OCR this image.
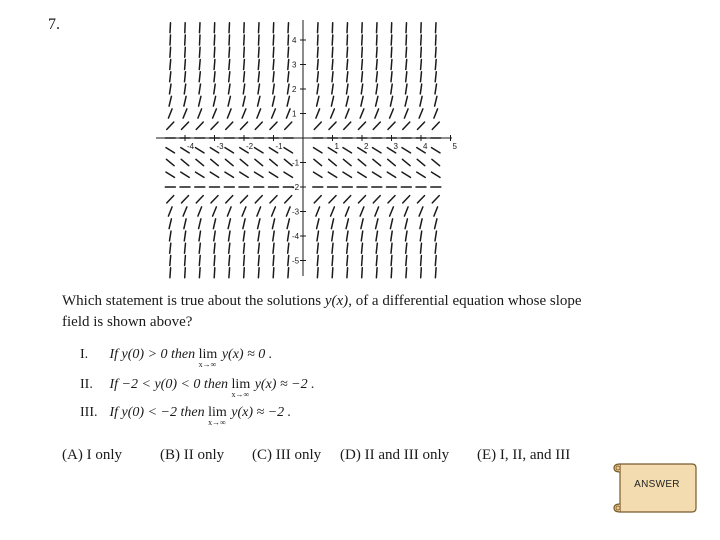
7.
-4	-3	-2	-1	1	2	3	4	5
4
3
2
1
-1
-2
-3
-4
-5
Which statement is true about the solutions y(x), of a differential equation whose slope field is shown above?
I. If y(0) > 0 then lim
x→∞
y(x) ≈ 0 .
II. If −2 < y(0) < 0 then lim
x→∞
y(x) ≈ −2 .
III. If y(0) < −2 then lim
x→∞
y(x) ≈ −2 .
(A) I only	(B) II only (C) III only (D) II and III only (E) I, II, and III
ANSWER
